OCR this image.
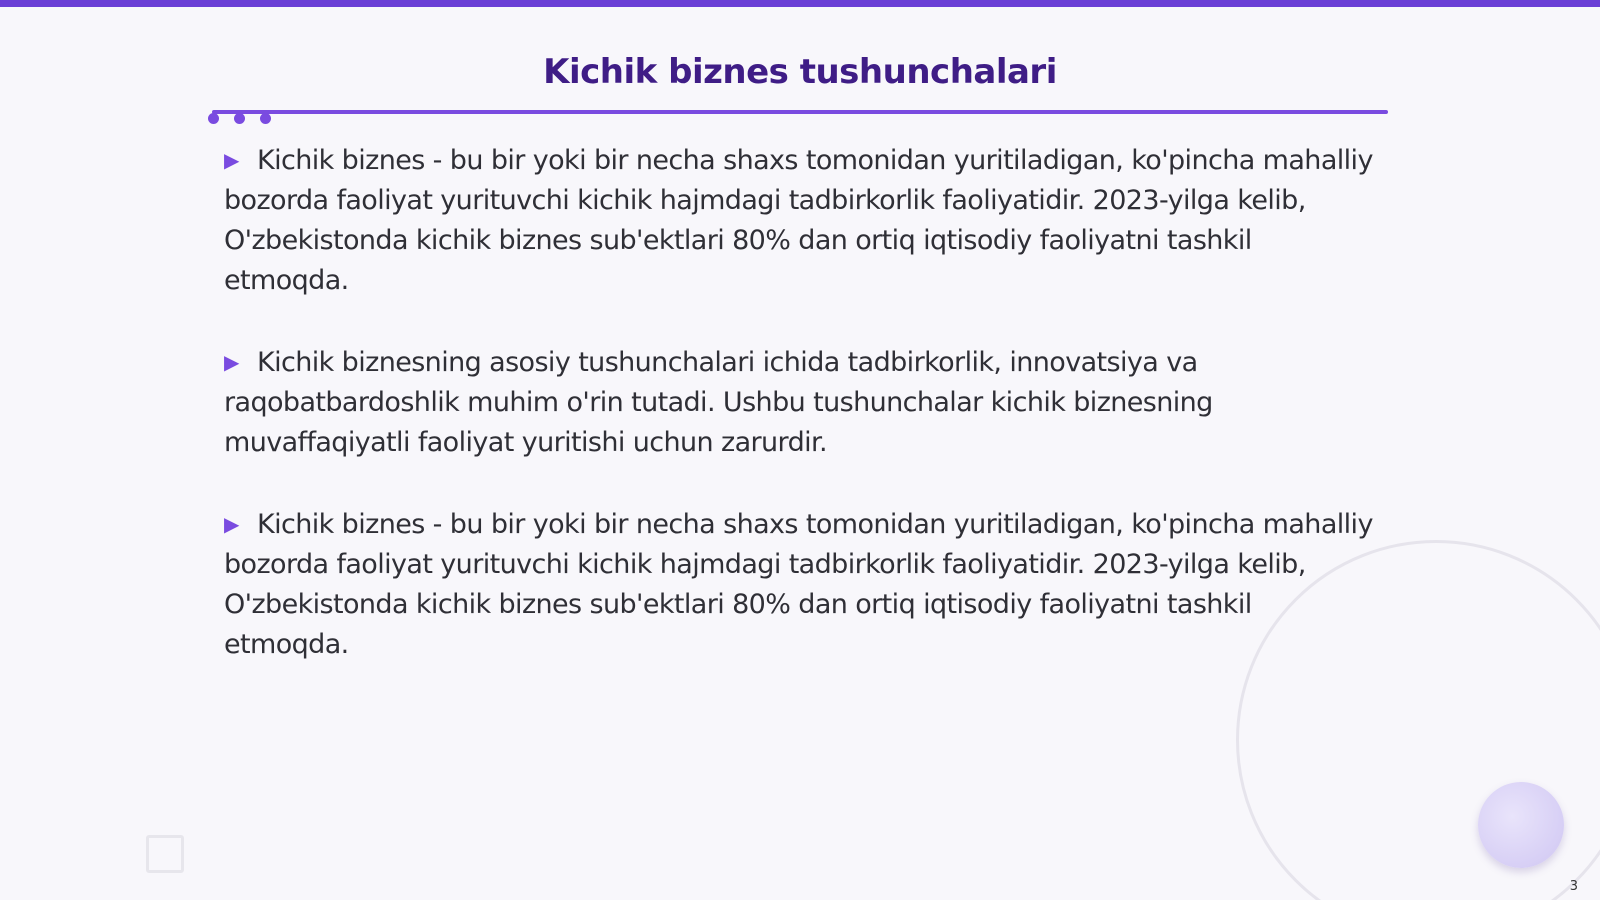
Kichik biznes tushunchalari

▶ Kichik biznes - bu bir yoki bir necha shaxs tomonidan yuritiladigan, ko'pincha mahalliy bozorda faoliyat yurituvchi kichik hajmdagi tadbirkorlik faoliyatidir. 2023-yilga kelib, O'zbekistonda kichik biznes sub'ektlari 80% dan ortiq iqtisodiy faoliyatni tashkil etmoqda.

▶ Kichik biznesning asosiy tushunchalari ichida tadbirkorlik, innovatsiya va raqobatbardoshlik muhim o'rin tutadi. Ushbu tushunchalar kichik biznesning muvaffaqiyatli faoliyat yuritishi uchun zarurdir.

▶ Kichik biznes - bu bir yoki bir necha shaxs tomonidan yuritiladigan, ko'pincha mahalliy bozorda faoliyat yurituvchi kichik hajmdagi tadbirkorlik faoliyatidir. 2023-yilga kelib, O'zbekistonda kichik biznes sub'ektlari 80% dan ortiq iqtisodiy faoliyatni tashkil etmoqda.

3
